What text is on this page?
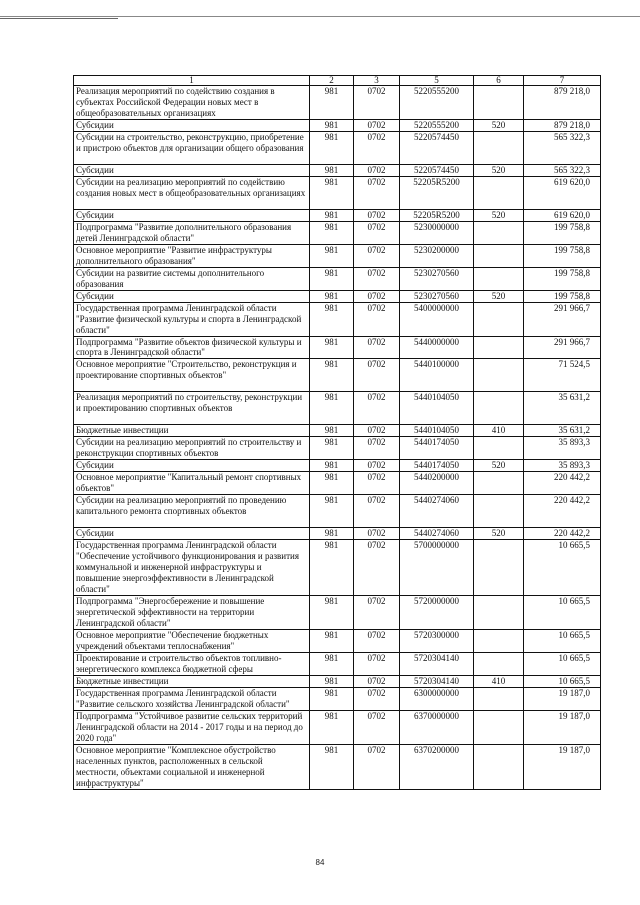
1	2	3	5	6	7
Реализация мероприятий по содействию создания в субъектах Российской Федерации новых мест в общеобразовательных организациях	981	0702	5220555200		879 218,0
Субсидии	981	0702	5220555200	520	879 218,0
Субсидии на строительство, реконструкцию, приобретение и пристрою объектов для организации общего образования	981	0702	5220574450		565 322,3
Субсидии	981	0702	5220574450	520	565 322,3
Субсидии на реализацию мероприятий по содействию создания новых мест в общеобразовательных организациях	981	0702	52205R5200		619 620,0
Субсидии	981	0702	52205R5200	520	619 620,0
Подпрограмма "Развитие дополнительного образования детей Ленинградской области"	981	0702	5230000000		199 758,8
Основное мероприятие "Развитие инфраструктуры дополнительного образования"	981	0702	5230200000		199 758,8
Субсидии на развитие системы дополнительного образования	981	0702	5230270560		199 758,8
Субсидии	981	0702	5230270560	520	199 758,8
Государственная программа Ленинградской области "Развитие физической культуры и спорта в Ленинградской области"	981	0702	5400000000		291 966,7
Подпрограмма "Развитие объектов физической культуры и спорта в Ленинградской области"	981	0702	5440000000		291 966,7
Основное мероприятие "Строительство, реконструкция и проектирование спортивных объектов"	981	0702	5440100000		71 524,5
Реализация мероприятий по строительству, реконструкции и проектированию спортивных объектов	981	0702	5440104050		35 631,2
Бюджетные инвестиции	981	0702	5440104050	410	35 631,2
Субсидии на реализацию мероприятий по строительству и реконструкции спортивных объектов	981	0702	5440174050		35 893,3
Субсидии	981	0702	5440174050	520	35 893,3
Основное мероприятие "Капитальный ремонт спортивных объектов"	981	0702	5440200000		220 442,2
Субсидии на реализацию мероприятий по проведению капитального ремонта спортивных объектов	981	0702	5440274060		220 442,2
Субсидии	981	0702	5440274060	520	220 442,2
Государственная программа Ленинградской области "Обеспечение устойчивого функционирования и развития коммунальной и инженерной инфраструктуры и повышение энергоэффективности в Ленинградской области"	981	0702	5700000000		10 665,5
Подпрограмма "Энергосбережение и повышение энергетической эффективности на территории Ленинградской области"	981	0702	5720000000		10 665,5
Основное мероприятие "Обеспечение бюджетных учреждений объектами теплоснабжения"	981	0702	5720300000		10 665,5
Проектирование и строительство объектов топливно-энергетического комплекса бюджетной сферы	981	0702	5720304140		10 665,5
Бюджетные инвестиции	981	0702	5720304140	410	10 665,5
Государственная программа Ленинградской области "Развитие сельского хозяйства Ленинградской области"	981	0702	6300000000		19 187,0
Подпрограмма "Устойчивое развитие сельских территорий Ленинградской области на 2014 - 2017 годы и на период до 2020 года"	981	0702	6370000000		19 187,0
Основное мероприятие "Комплексное обустройство населенных пунктов, расположенных в сельской местности, объектами социальной и инженерной инфраструктуры"	981	0702	6370200000		19 187,0
84
